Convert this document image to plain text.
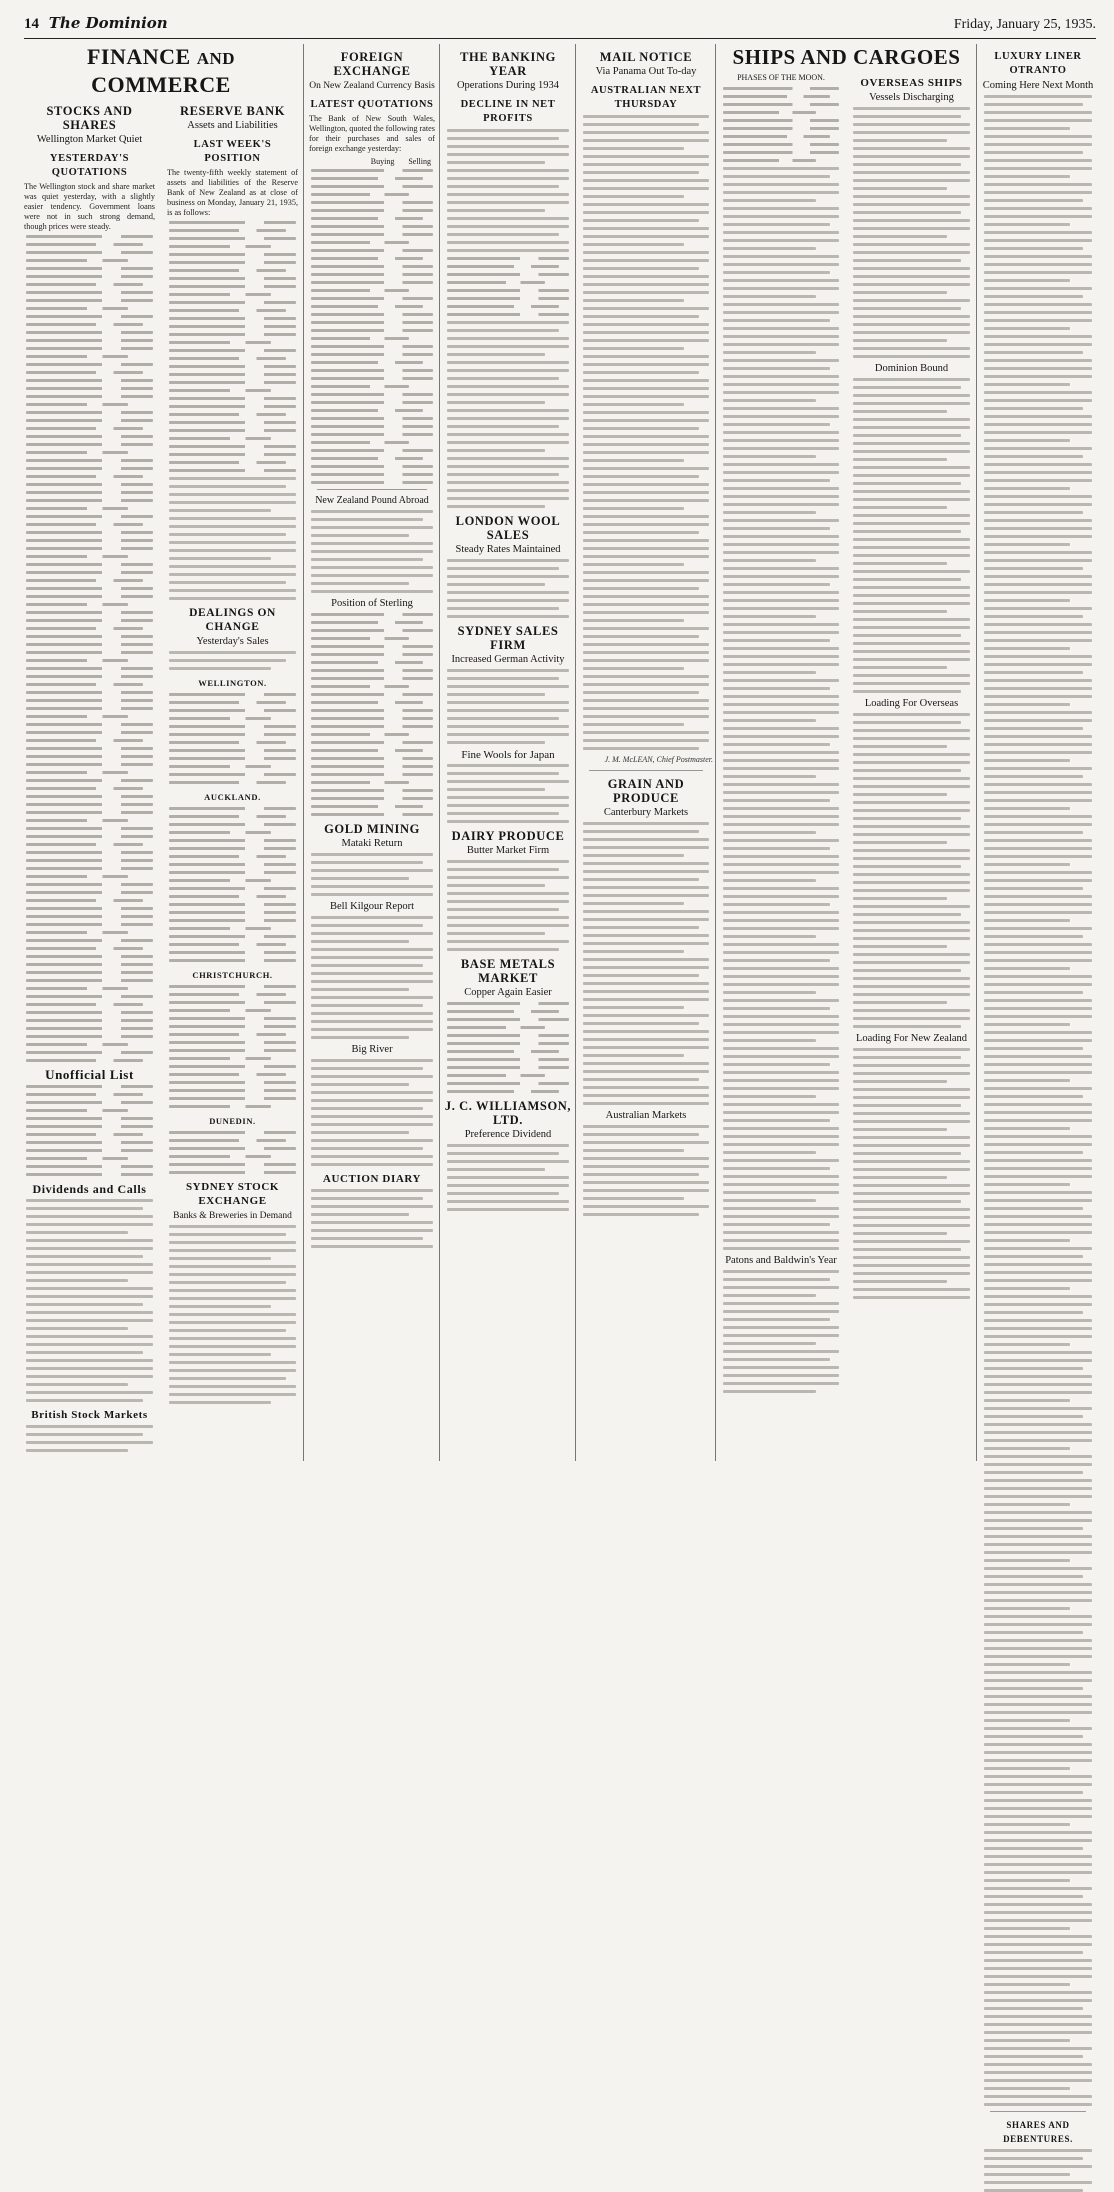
14 The Dominion	Friday, January 25, 1935.
FINANCE AND COMMERCE
STOCKS AND SHARES
Wellington Market Quiet
YESTERDAY'S QUOTATIONS
The Wellington stock and share market was quiet yesterday, with a slightly easier tendency. Government loans were not in such strong demand, though prices were steady.
Unofficial List
Dividends and Calls
British Stock Markets
RESERVE BANK
Assets and Liabilities
LAST WEEK'S POSITION
The twenty-fifth weekly statement of assets and liabilities of the Reserve Bank of New Zealand as at close of business on Monday, January 21, 1935, is as follows:
DEALINGS ON CHANGE
Yesterday's Sales
WELLINGTON.
AUCKLAND.
CHRISTCHURCH.
DUNEDIN.
SYDNEY STOCK EXCHANGE
Banks & Breweries in Demand
FOREIGN EXCHANGE
On New Zealand Currency Basis
LATEST QUOTATIONS
The Bank of New South Wales, Wellington, quoted the following rates for their purchases and sales of foreign exchange yesterday:
Buying Selling
New Zealand Pound Abroad
Position of Sterling
GOLD MINING
Mataki Return
Bell Kilgour Report
Big River
AUCTION DIARY
THE BANKING YEAR
Operations During 1934
DECLINE IN NET PROFITS
LONDON WOOL SALES
Steady Rates Maintained
SYDNEY SALES FIRM
Increased German Activity
Fine Wools for Japan
DAIRY PRODUCE
Butter Market Firm
BASE METALS MARKET
Copper Again Easier
J. C. WILLIAMSON, LTD.
Preference Dividend
MAIL NOTICE
Via Panama Out To-day
AUSTRALIAN NEXT THURSDAY
J. M. McLEAN, Chief Postmaster.
GRAIN AND PRODUCE
Canterbury Markets
Australian Markets
SHIPS AND CARGOES
PHASES OF THE MOON.
Patons and Baldwin's Year
OVERSEAS SHIPS
Vessels Discharging
Dominion Bound
Loading For Overseas
Loading For New Zealand
LUXURY LINER OTRANTO
Coming Here Next Month
SHARES AND DEBENTURES.
